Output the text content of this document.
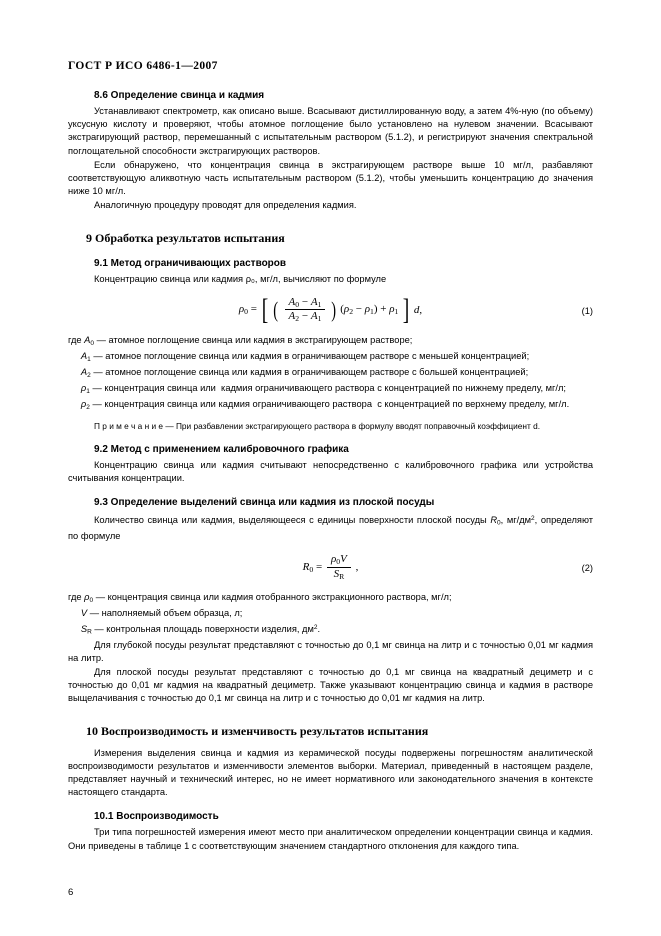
ГОСТ Р ИСО 6486-1—2007
8.6 Определение свинца и кадмия

Устанавливают спектрометр, как описано выше. Всасывают дистиллированную воду, а затем 4%-ную (по объему) уксусную кислоту и проверяют, чтобы атомное поглощение было установлено на нулевом значении. Всасывают экстрагирующий раствор, перемешанный с испытательным раствором (5.1.2), и регистрируют значения спектральной поглощательной способности экстрагирующих растворов.

Если обнаружено, что концентрация свинца в экстрагирующем растворе выше 10 мг/л, разбавляют соответствующую аликвотную часть испытательным раствором (5.1.2), чтобы уменьшить концентрацию до значения ниже 10 мг/л.

Аналогичную процедуру проводят для определения кадмия.

9 Обработка результатов испытания
9.1 Метод ограничивающих растворов

Концентрацию свинца или кадмия ρ₀, мг/л, вычисляют по формуле

$\rho_0$ = [ ( $\frac{A_0 - A_1}{A_2 - A_1}$ ) $(\rho_2 - \rho_1) + \rho_1$ ] d,	(1)
где $A_0$ — атомное поглощение свинца или кадмия в экстрагирующем растворе;
$A_1$ — атомное поглощение свинца или кадмия в ограничивающем растворе с меньшей концентрацией;
$A_2$ — атомное поглощение свинца или кадмия в ограничивающем растворе с большей концентрацией;
$\rho_1$ — концентрация свинца или  кадмия ограничивающего раствора с концентрацией по нижнему пределу, мг/л;
$\rho_2$ — концентрация свинца или кадмия ограничивающего раствора  с концентрацией по верхнему пределу, мг/л.

П р и м е ч а н и е — При разбавлении экстрагирующего раствора в формулу вводят поправочный коэффициент d.

9.2 Метод с применением калибровочного графика

Концентрацию свинца или кадмия считывают непосредственно с калибровочного графика или устройства считывания концентрации.

9.3 Определение выделений свинца или кадмия из плоской посуды

Количество свинца или кадмия, выделяющееся с единицы поверхности плоской посуды $R_0$, $мг/дм^2$, определяют по формуле

$R_0 = \frac{\rho_0V}{S_R}$ ,	(2)
где $\rho_0$ — концентрация свинца или кадмия отобранного экстракционного раствора, мг/л;
V — наполняемый объем образца, л;
$S_R$ — контрольная площадь поверхности изделия, $дм^2$.

Для глубокой посуды результат представляют с точностью до 0,1 мг свинца на литр и с точностью 0,01 мг кадмия на литр.

Для плоской посуды результат представляют с точностью до 0,1 мг свинца на квадратный дециметр и с точностью до 0,01 мг кадмия на квадратный дециметр. Также указывают концентрацию свинца и кадмия в растворе выщелачивания с точностью до 0,1 мг свинца на литр и с точностью до 0,01 мг кадмия на литр.

10 Воспроизводимость и изменчивость результатов испытания

Измерения выделения свинца и кадмия из керамической посуды подвержены погрешностям аналитической воспроизводимости результатов и изменчивости элементов выборки. Материал, приведенный в настоящем разделе, представляет научный и технический интерес, но не имеет нормативного или законодательного значения в контексте настоящего стандарта.

10.1 Воспроизводимость

Три типа погрешностей измерения имеют место при аналитическом определении концентрации свинца и кадмия. Они приведены в таблице 1 с соответствующим значением стандартного отклонения для каждого типа.

6
